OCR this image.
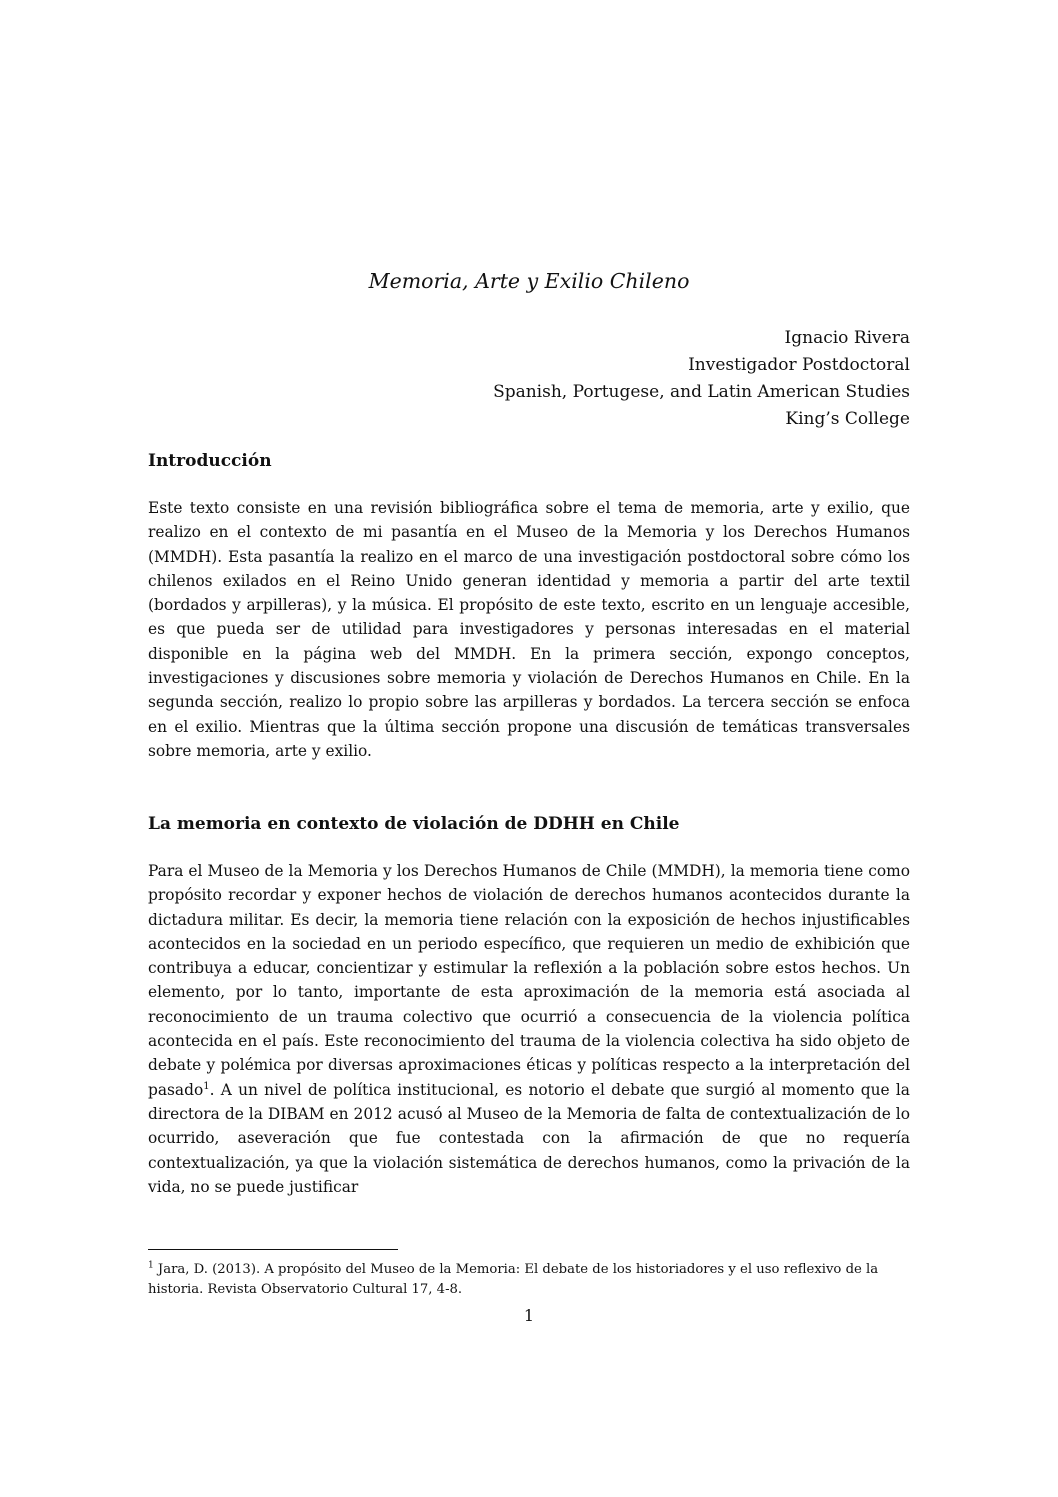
Memoria, Arte y Exilio Chileno
Ignacio Rivera
Investigador Postdoctoral
Spanish, Portugese, and Latin American Studies
King’s College
Introducción

Este texto consiste en una revisión bibliográfica sobre el tema de memoria, arte y exilio, que realizo en el contexto de mi pasantía en el Museo de la Memoria y los Derechos Humanos (MMDH). Esta pasantía la realizo en el marco de una investigación postdoctoral sobre cómo los chilenos exilados en el Reino Unido generan identidad y memoria a partir del arte textil (bordados y arpilleras), y la música. El propósito de este texto, escrito en un lenguaje accesible, es que pueda ser de utilidad para investigadores y personas interesadas en el material disponible en la página web del MMDH. En la primera sección, expongo conceptos, investigaciones y discusiones sobre memoria y violación de Derechos Humanos en Chile. En la segunda sección, realizo lo propio sobre las arpilleras y bordados. La tercera sección se enfoca en el exilio. Mientras que la última sección propone una discusión de temáticas transversales sobre memoria, arte y exilio.

La memoria en contexto de violación de DDHH en Chile

Para el Museo de la Memoria y los Derechos Humanos de Chile (MMDH), la memoria tiene como propósito recordar y exponer hechos de violación de derechos humanos acontecidos durante la dictadura militar. Es decir, la memoria tiene relación con la exposición de hechos injustificables acontecidos en la sociedad en un periodo específico, que requieren un medio de exhibición que contribuya a educar, concientizar y estimular la reflexión a la población sobre estos hechos. Un elemento, por lo tanto, importante de esta aproximación de la memoria está asociada al reconocimiento de un trauma colectivo que ocurrió a consecuencia de la violencia política acontecida en el país. Este reconocimiento del trauma de la violencia colectiva ha sido objeto de debate y polémica por diversas aproximaciones éticas y políticas respecto a la interpretación del pasado$^1$. A un nivel de política institucional, es notorio el debate que surgió al momento que la directora de la DIBAM en 2012 acusó al Museo de la Memoria de falta de contextualización de lo ocurrido, aseveración que fue contestada con la afirmación de que no requería contextualización, ya que la violación sistemática de derechos humanos, como la privación de la vida, no se puede justificar

$^1$ Jara, D. (2013). A propósito del Museo de la Memoria: El debate de los historiadores y el uso reflexivo de la historia. Revista Observatorio Cultural 17, 4-8.

1
